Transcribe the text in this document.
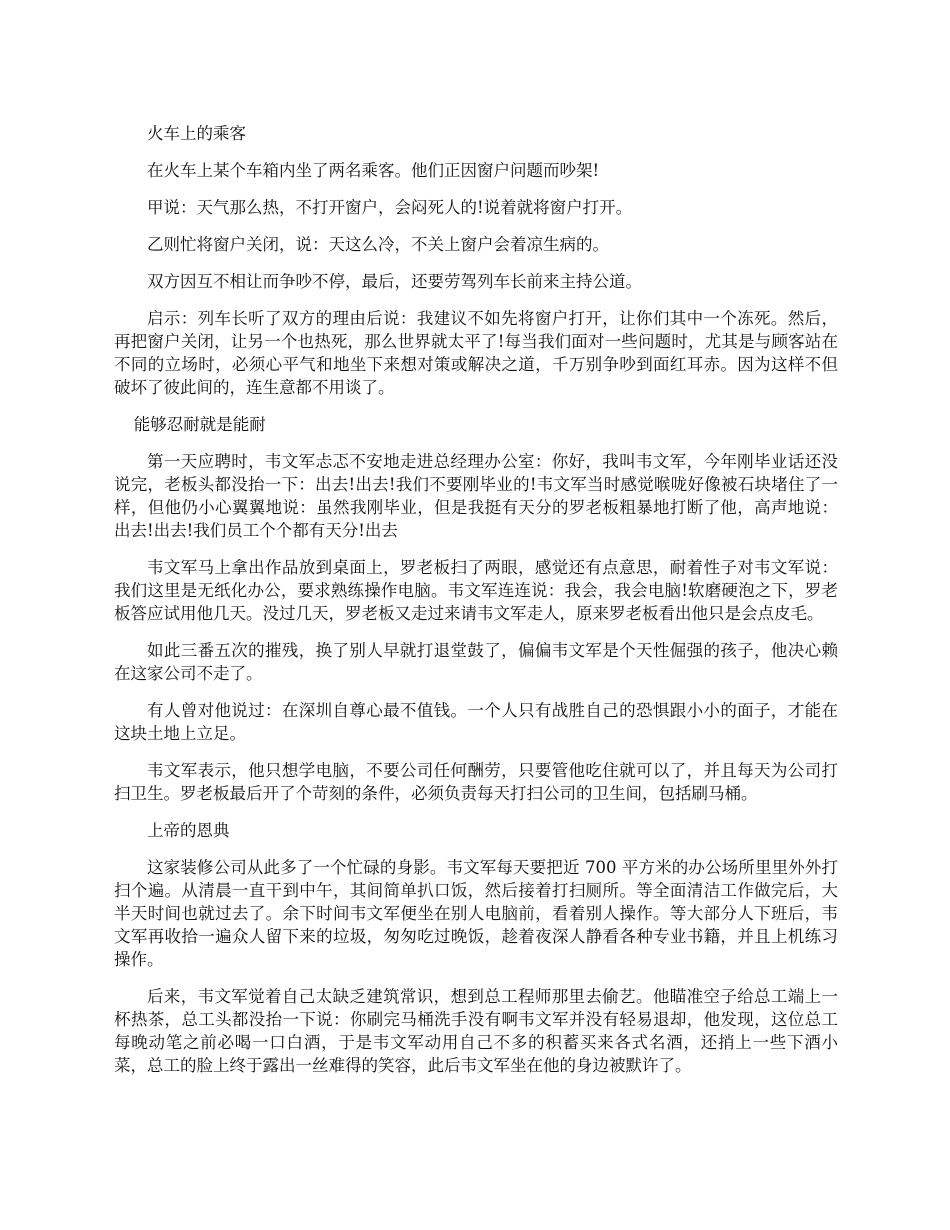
火车上的乘客
在火车上某个车箱内坐了两名乘客。他们正因窗户问题而吵架!
甲说：天气那么热，不打开窗户，会闷死人的!说着就将窗户打开。
乙则忙将窗户关闭，说：天这么冷，不关上窗户会着凉生病的。
双方因互不相让而争吵不停，最后，还要劳驾列车长前来主持公道。
启示：列车长听了双方的理由后说：我建议不如先将窗户打开，让你们其中一个冻死。然后，再把窗户关闭，让另一个也热死，那么世界就太平了!每当我们面对一些问题时，尤其是与顾客站在不同的立场时，必须心平气和地坐下来想对策或解决之道，千万别争吵到面红耳赤。因为这样不但破坏了彼此间的，连生意都不用谈了。
能够忍耐就是能耐
第一天应聘时，韦文军忐忑不安地走进总经理办公室：你好，我叫韦文军，今年刚毕业话还没说完，老板头都没抬一下：出去!出去!我们不要刚毕业的!韦文军当时感觉喉咙好像被石块堵住了一样，但他仍小心翼翼地说：虽然我刚毕业，但是我挺有天分的罗老板粗暴地打断了他，高声地说：出去!出去!我们员工个个都有天分!出去
韦文军马上拿出作品放到桌面上，罗老板扫了两眼，感觉还有点意思，耐着性子对韦文军说：我们这里是无纸化办公，要求熟练操作电脑。韦文军连连说：我会，我会电脑!软磨硬泡之下，罗老板答应试用他几天。没过几天，罗老板又走过来请韦文军走人，原来罗老板看出他只是会点皮毛。
如此三番五次的摧残，换了别人早就打退堂鼓了，偏偏韦文军是个天性倔强的孩子，他决心赖在这家公司不走了。
有人曾对他说过：在深圳自尊心最不值钱。一个人只有战胜自己的恐惧跟小小的面子，才能在这块土地上立足。
韦文军表示，他只想学电脑，不要公司任何酬劳，只要管他吃住就可以了，并且每天为公司打扫卫生。罗老板最后开了个苛刻的条件，必须负责每天打扫公司的卫生间，包括刷马桶。
上帝的恩典
这家装修公司从此多了一个忙碌的身影。韦文军每天要把近 700 平方米的办公场所里里外外打扫个遍。从清晨一直干到中午，其间简单扒口饭，然后接着打扫厕所。等全面清洁工作做完后，大半天时间也就过去了。余下时间韦文军便坐在别人电脑前，看着别人操作。等大部分人下班后，韦文军再收拾一遍众人留下来的垃圾，匆匆吃过晚饭，趁着夜深人静看各种专业书籍，并且上机练习操作。
后来，韦文军觉着自己太缺乏建筑常识，想到总工程师那里去偷艺。他瞄准空子给总工端上一杯热茶，总工头都没抬一下说：你刷完马桶洗手没有啊韦文军并没有轻易退却，他发现，这位总工每晚动笔之前必喝一口白酒，于是韦文军动用自己不多的积蓄买来各式名酒，还捎上一些下酒小菜，总工的脸上终于露出一丝难得的笑容，此后韦文军坐在他的身边被默许了。
